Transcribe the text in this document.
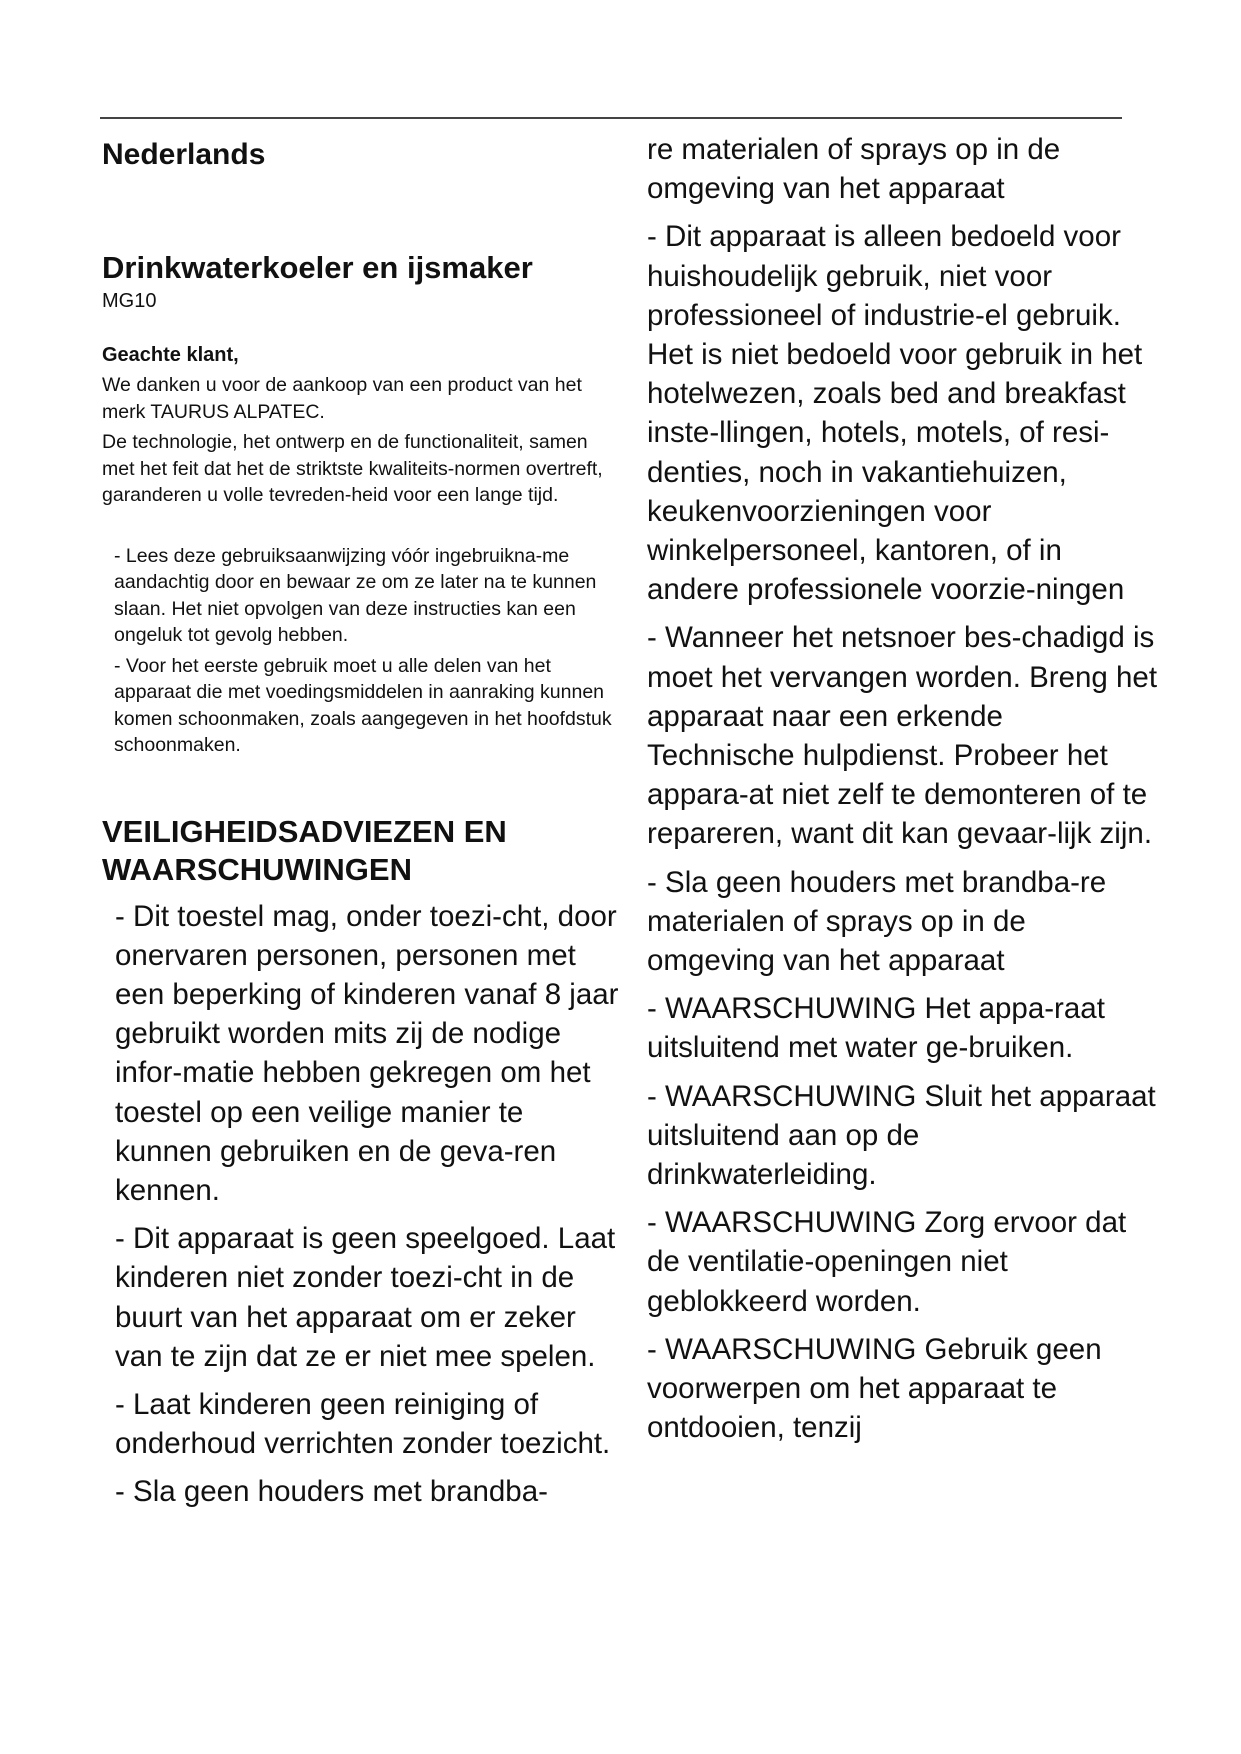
Nederlands
Drinkwaterkoeler en ijsmaker
MG10
Geachte klant,

We danken u voor de aankoop van een product van het merk TAURUS ALPATEC.

De technologie, het ontwerp en de functionaliteit, samen met het feit dat het de striktste kwaliteits-normen overtreft, garanderen u volle tevreden-heid voor een lange tijd.

- Lees deze gebruiksaanwijzing vóór ingebruikna-me aandachtig door en bewaar ze om ze later na te kunnen slaan. Het niet opvolgen van deze instructies kan een ongeluk tot gevolg hebben.
- Voor het eerste gebruik moet u alle delen van het apparaat die met voedingsmiddelen in aanraking kunnen komen schoonmaken, zoals aangegeven in het hoofdstuk schoonmaken.
VEILIGHEIDSADVIEZEN EN WAARSCHUWINGEN
- Dit toestel mag, onder toezi-cht, door onervaren personen, personen met een beperking of kinderen vanaf 8 jaar gebruikt worden mits zij de nodige infor-matie hebben gekregen om het toestel op een veilige manier te kunnen gebruiken en de geva-ren kennen.
- Dit apparaat is geen speelgoed. Laat kinderen niet zonder toezi-cht in de buurt van het apparaat om er zeker van te zijn dat ze er niet mee spelen.
- Laat kinderen geen reiniging of onderhoud verrichten zonder toezicht.
- Sla geen houders met brandba-
re materialen of sprays op in de omgeving van het apparaat
- Dit apparaat is alleen bedoeld voor huishoudelijk gebruik, niet voor professioneel of industrie-el gebruik. Het is niet bedoeld voor gebruik in het hotelwezen, zoals bed and breakfast inste-llingen, hotels, motels, of resi-denties, noch in vakantiehuizen, keukenvoorzieningen voor winkelpersoneel, kantoren, of in andere professionele voorzie-ningen
- Wanneer het netsnoer bes-chadigd is moet het vervangen worden. Breng het apparaat naar een erkende Technische hulpdienst. Probeer het appara-at niet zelf te demonteren of te repareren, want dit kan gevaar-lijk zijn.
- Sla geen houders met brandba-re materialen of sprays op in de omgeving van het apparaat
- WAARSCHUWING Het appa-raat uitsluitend met water ge-bruiken.
- WAARSCHUWING Sluit het apparaat uitsluitend aan op de drinkwaterleiding.
- WAARSCHUWING Zorg ervoor dat de ventilatie-openingen niet geblokkeerd worden.
- WAARSCHUWING Gebruik geen voorwerpen om het apparaat te ontdooien, tenzij
